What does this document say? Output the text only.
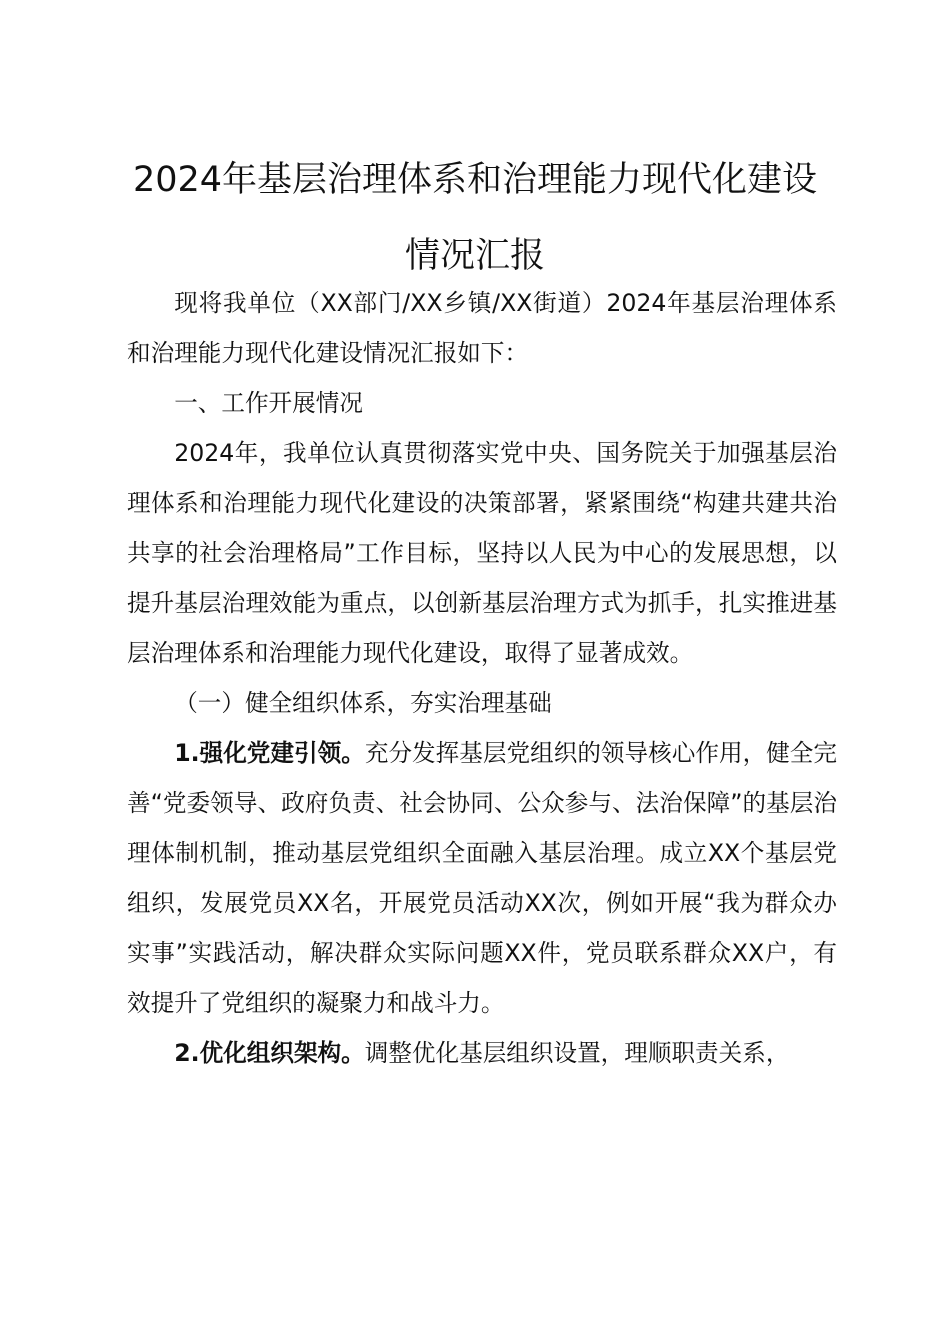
2024年基层治理体系和治理能力现代化建设
情况汇报

现将我单位（XX部门/XX乡镇/XX街道）2024年基层治理体系和治理能力现代化建设情况汇报如下：

一、工作开展情况

2024年，我单位认真贯彻落实党中央、国务院关于加强基层治理体系和治理能力现代化建设的决策部署，紧紧围绕“构建共建共治共享的社会治理格局”工作目标，坚持以人民为中心的发展思想，以提升基层治理效能为重点，以创新基层治理方式为抓手，扎实推进基层治理体系和治理能力现代化建设，取得了显著成效。

（一）健全组织体系，夯实治理基础

1.强化党建引领。充分发挥基层党组织的领导核心作用，健全完善“党委领导、政府负责、社会协同、公众参与、法治保障”的基层治理体制机制，推动基层党组织全面融入基层治理。成立XX个基层党组织，发展党员XX名，开展党员活动XX次，例如开展“我为群众办实事”实践活动，解决群众实际问题XX件，党员联系群众XX户，有效提升了党组织的凝聚力和战斗力。

2.优化组织架构。调整优化基层组织设置，理顺职责关系，
